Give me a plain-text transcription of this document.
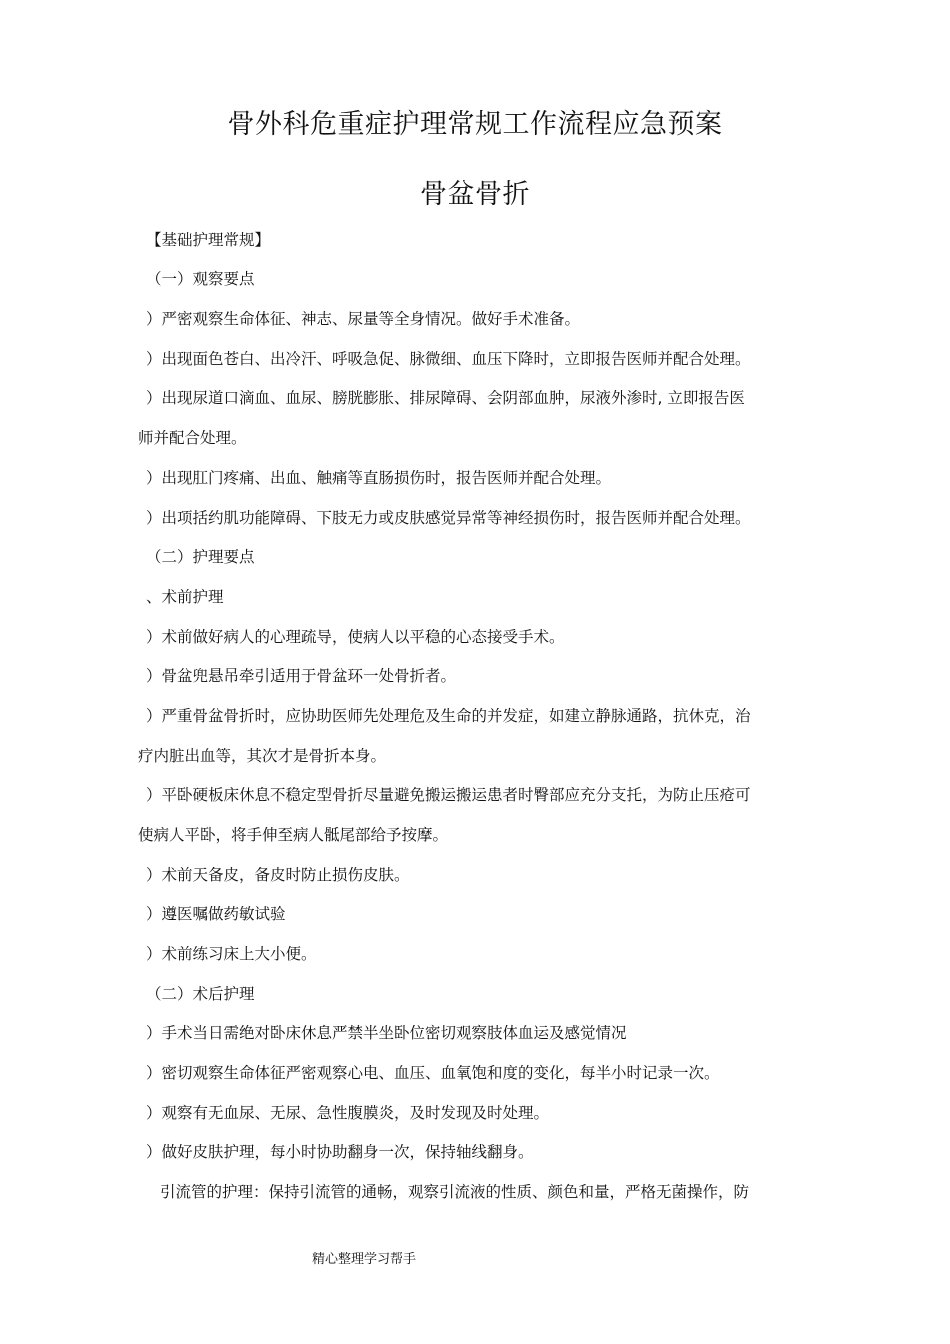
骨外科危重症护理常规工作流程应急预案
骨盆骨折

【基础护理常规】

（一）观察要点

）严密观察生命体征、神志、尿量等全身情况。做好手术准备。

）出现面色苍白、出冷汗、呼吸急促、脉微细、血压下降时，立即报告医师并配合处理。

）出现尿道口滴血、血尿、膀胱膨胀、排尿障碍、会阴部血肿，尿液外渗时, 立即报告医

师并配合处理。

）出现肛门疼痛、出血、触痛等直肠损伤时，报告医师并配合处理。

）出项括约肌功能障碍、下肢无力或皮肤感觉异常等神经损伤时，报告医师并配合处理。

（二）护理要点

、术前护理

）术前做好病人的心理疏导，使病人以平稳的心态接受手术。

）骨盆兜悬吊牵引适用于骨盆环一处骨折者。

）严重骨盆骨折时，应协助医师先处理危及生命的并发症，如建立静脉通路，抗休克，治

疗内脏出血等，其次才是骨折本身。

）平卧硬板床休息不稳定型骨折尽量避免搬运搬运患者时臀部应充分支托，为防止压疮可

使病人平卧，将手伸至病人骶尾部给予按摩。

）术前天备皮，备皮时防止损伤皮肤。

）遵医嘱做药敏试验

）术前练习床上大小便。

（二）术后护理

）手术当日需绝对卧床休息严禁半坐卧位密切观察肢体血运及感觉情况

）密切观察生命体征严密观察心电、血压、血氧饱和度的变化，每半小时记录一次。

）观察有无血尿、无尿、急性腹膜炎，及时发现及时处理。

）做好皮肤护理，每小时协助翻身一次，保持轴线翻身。

引流管的护理：保持引流管的通畅，观察引流液的性质、颜色和量，严格无菌操作，防

精心整理学习帮手
